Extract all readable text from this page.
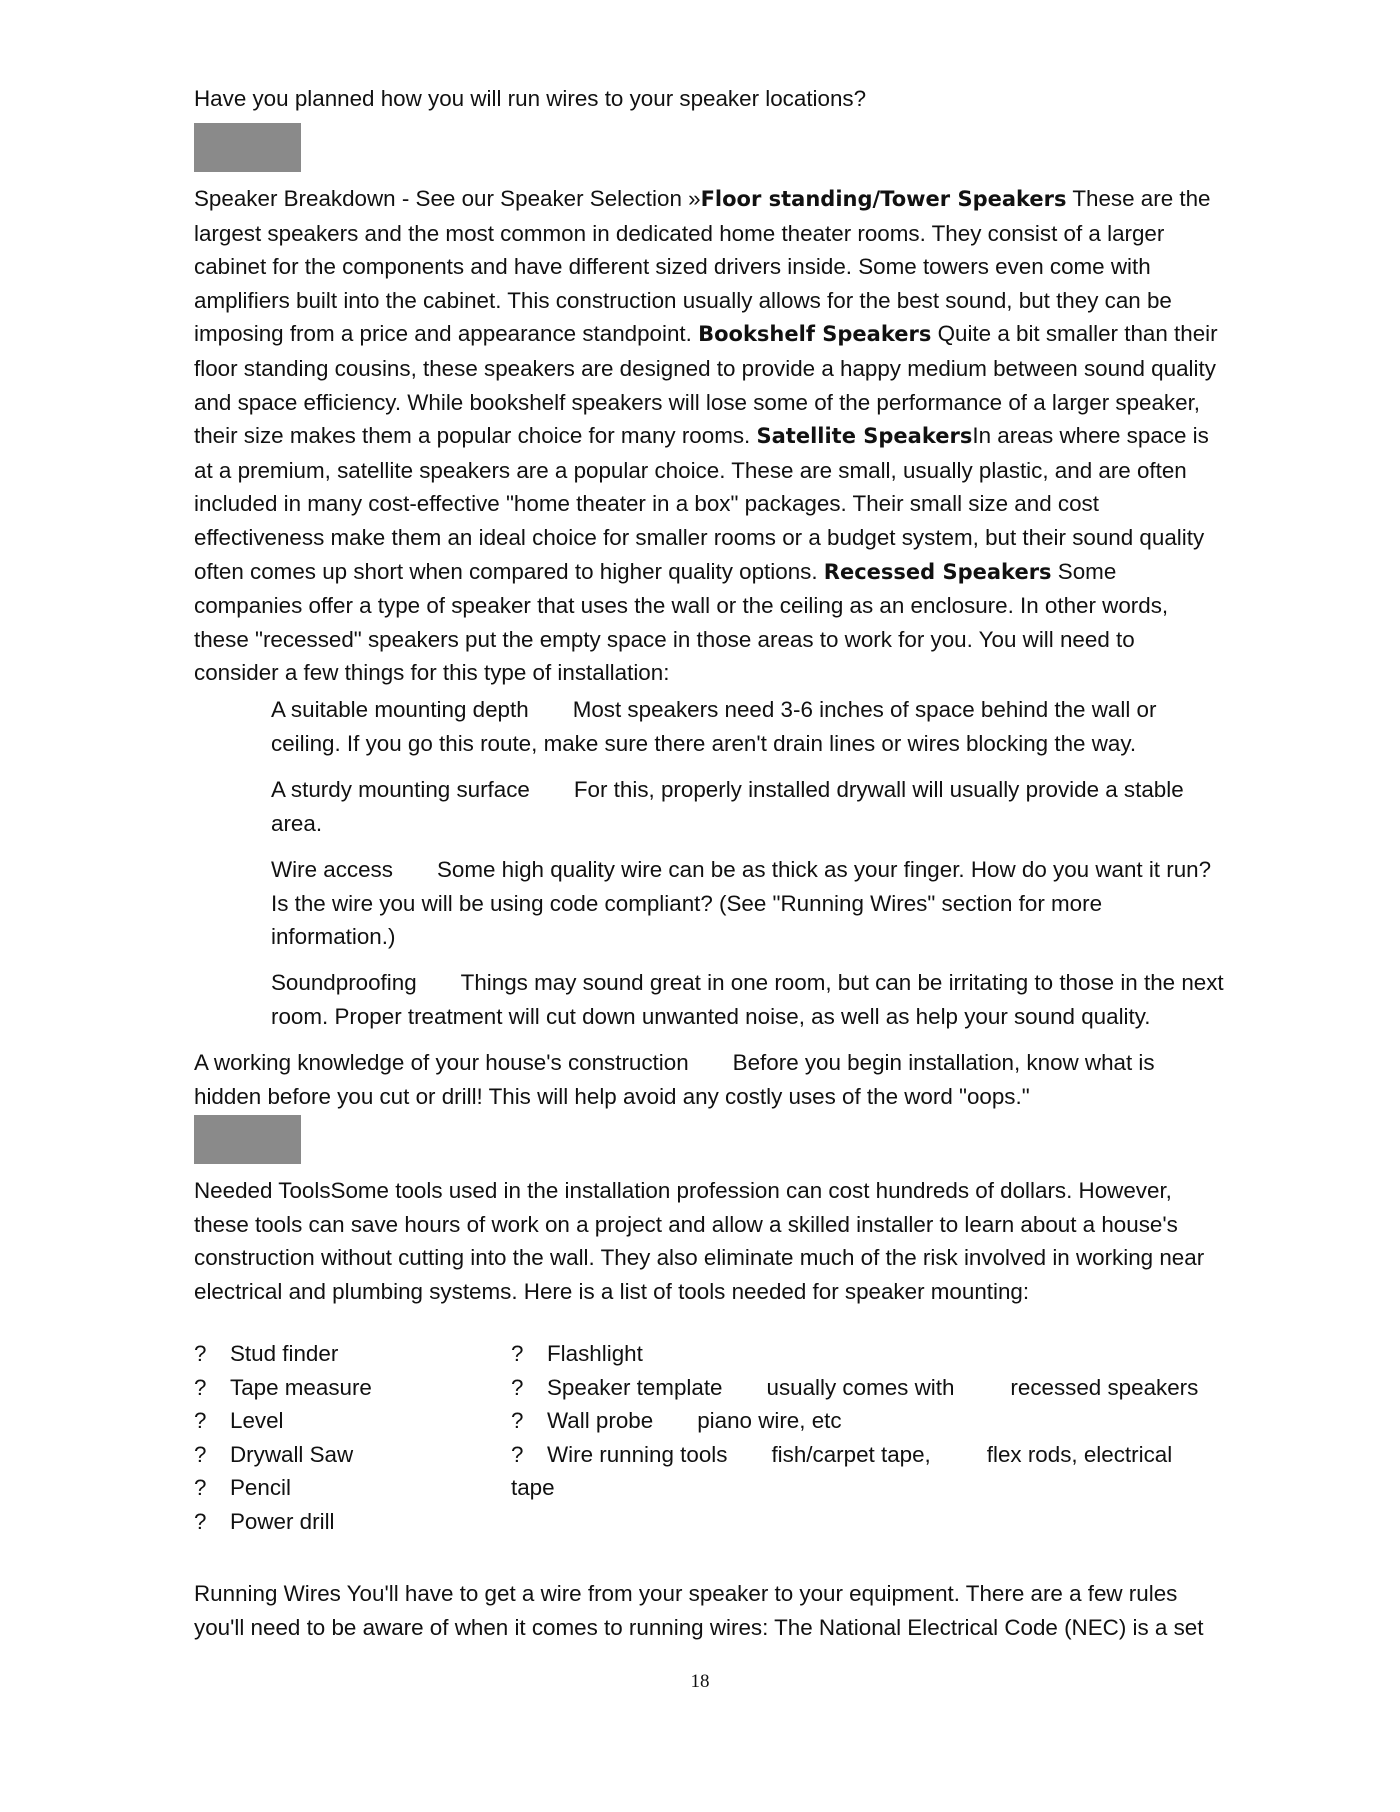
Have you planned how you will run wires to your speaker locations?
Speaker Breakdown - See our Speaker Selection »Floor standing/Tower Speakers These are the largest speakers and the most common in dedicated home theater rooms. They consist of a larger cabinet for the components and have different sized drivers inside. Some towers even come with amplifiers built into the cabinet. This construction usually allows for the best sound, but they can be imposing from a price and appearance standpoint. Bookshelf Speakers Quite a bit smaller than their floor standing cousins, these speakers are designed to provide a happy medium between sound quality and space efficiency. While bookshelf speakers will lose some of the performance of a larger speaker, their size makes them a popular choice for many rooms. Satellite SpeakersIn areas where space is at a premium, satellite speakers are a popular choice. These are small, usually plastic, and are often included in many cost-effective "home theater in a box" packages. Their small size and cost effectiveness make them an ideal choice for smaller rooms or a budget system, but their sound quality often comes up short when compared to higher quality options. Recessed Speakers Some companies offer a type of speaker that uses the wall or the ceiling as an enclosure. In other words, these "recessed" speakers put the empty space in those areas to work for you. You will need to consider a few things for this type of installation:
A suitable mounting depth Most speakers need 3-6 inches of space behind the wall or ceiling. If you go this route, make sure there aren't drain lines or wires blocking the way.
A sturdy mounting surface For this, properly installed drywall will usually provide a stable area.
Wire access Some high quality wire can be as thick as your finger. How do you want it run? Is the wire you will be using code compliant? (See "Running Wires" section for more information.)
Soundproofing Things may sound great in one room, but can be irritating to those in the next room. Proper treatment will cut down unwanted noise, as well as help your sound quality.
A working knowledge of your house's construction Before you begin installation, know what is hidden before you cut or drill! This will help avoid any costly uses of the word "oops."
Needed ToolsSome tools used in the installation profession can cost hundreds of dollars. However, these tools can save hours of work on a project and allow a skilled installer to learn about a house's construction without cutting into the wall. They also eliminate much of the risk involved in working near electrical and plumbing systems. Here is a list of tools needed for speaker mounting:
? Stud finder
? Tape measure
? Level
? Drywall Saw
? Pencil
? Power drill
? Flashlight
? Speaker template usually comes with	recessed speakers
? Wall probe piano wire, etc
? Wire running tools fish/carpet tape,	flex rods, electrical
tape
Running Wires You'll have to get a wire from your speaker to your equipment. There are a few rules you'll need to be aware of when it comes to running wires: The National Electrical Code (NEC) is a set
18
